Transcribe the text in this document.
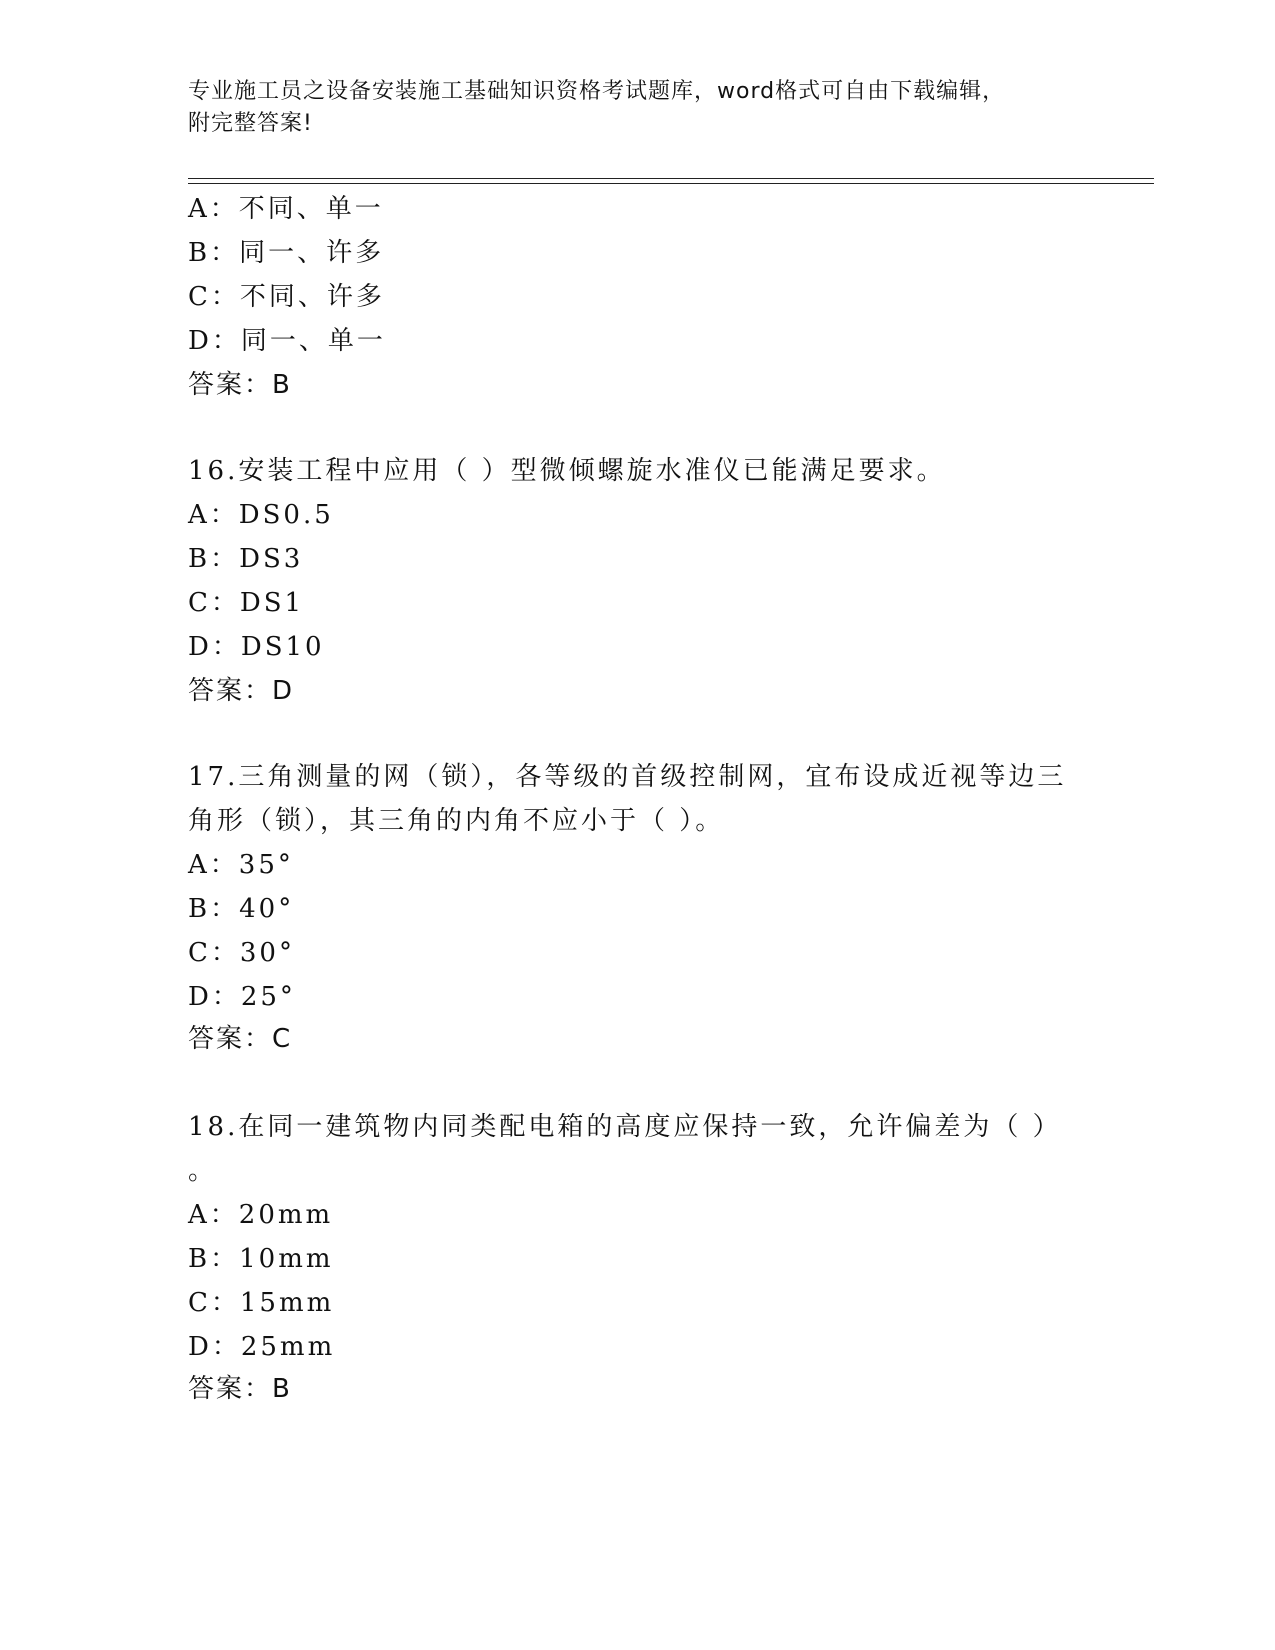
专业施工员之设备安装施工基础知识资格考试题库，word格式可自由下载编辑，
附完整答案!
A：不同、单一
B：同一、许多
C：不同、许多
D：同一、单一
答案：B
16.安装工程中应用（ ）型微倾螺旋水准仪已能满足要求。
A：DS0.5
B：DS3
C：DS1
D：DS10
答案：D
17.三角测量的网（锁），各等级的首级控制网，宜布设成近视等边三
角形（锁），其三角的内角不应小于（ ）。
A：35°
B：40°
C：30°
D：25°
答案：C
18.在同一建筑物内同类配电箱的高度应保持一致，允许偏差为（ ）
。
A：20mm
B：10mm
C：15mm
D：25mm
答案：B
